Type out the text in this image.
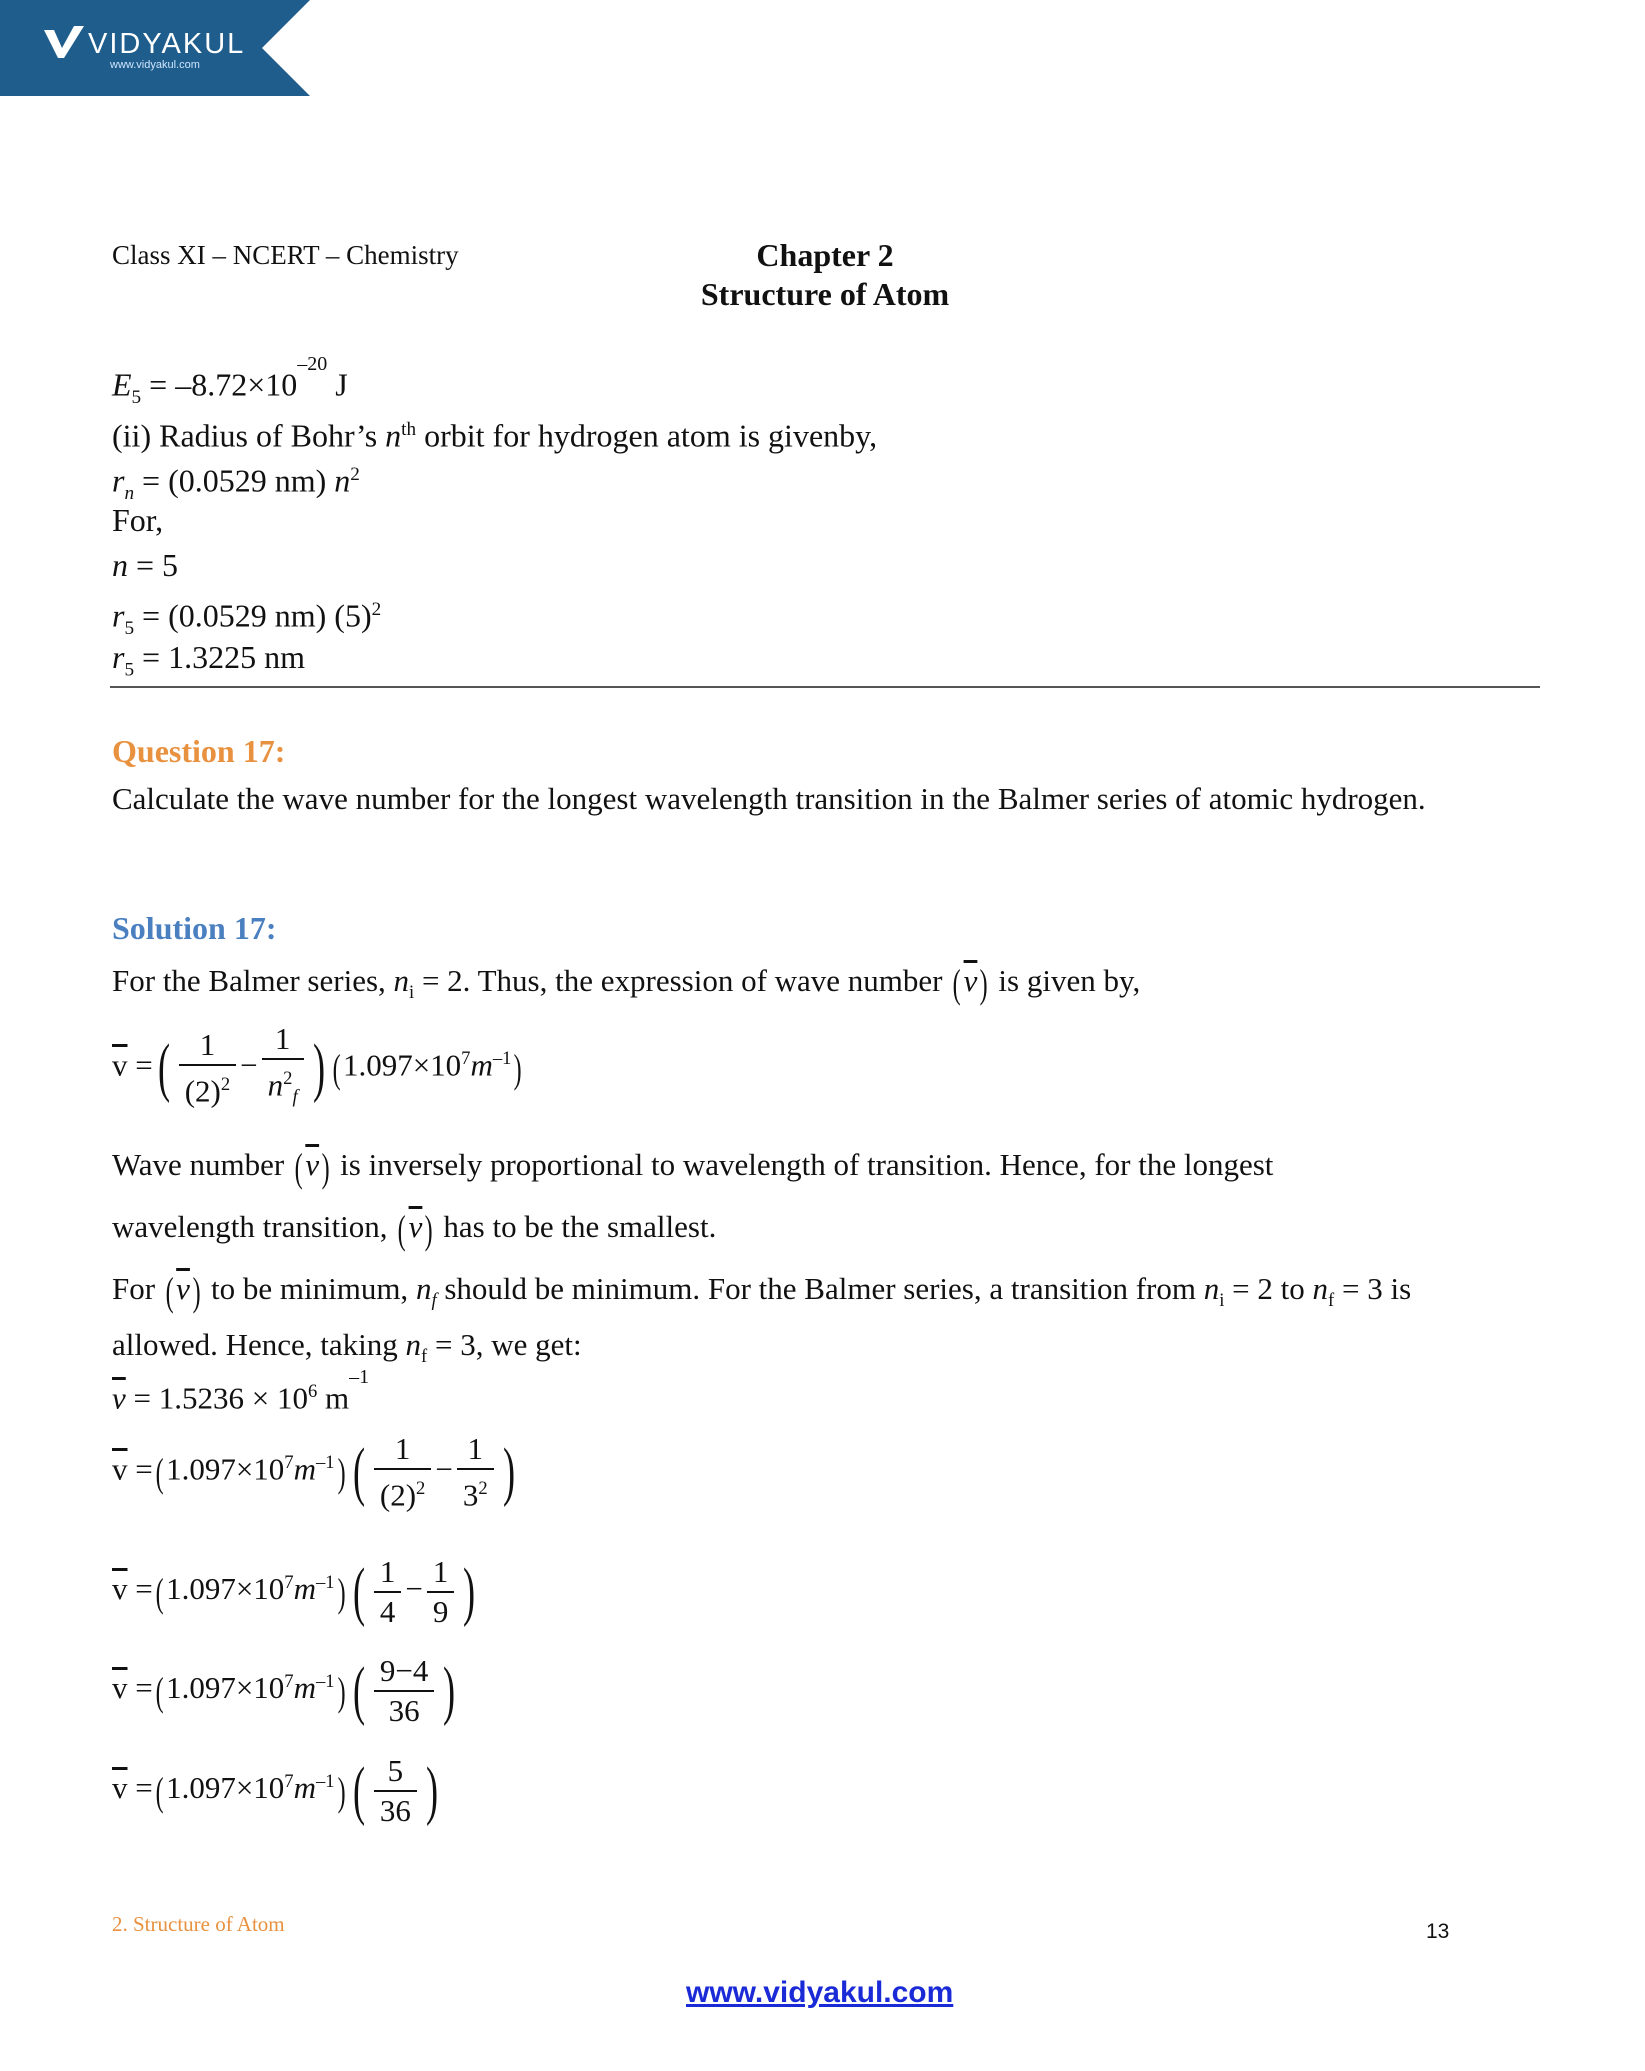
VIDYAKUL
www.vidyakul.com
Class XI – NCERT – Chemistry	Chapter 2
Structure of Atom
$E_5 = -8.72\times 10^{-20}$ J
(ii) Radius of Bohr’s $n^{th}$ orbit for hydrogen atom is givenby,
$r_n = (0.0529$ nm) $n^2$
For,
n = 5
$r_5 = (0.0529$ nm) $(5)^2$
$r_5 = 1.3225$ nm
Question 17:
Calculate the wave number for the longest wavelength transition in the Balmer series of atomic hydrogen.
Solution 17:
For the Balmer series, $n_i = 2$. Thus, the expression of wave number $(\overline{v})$ is given by,
$\overline{v}$ =( $\frac{1}{(2)^2} - \frac{1}{n^2_f}$ ) $(1.097\times 10^7m^{-1})$
Wave number $(\overline{v})$ is inversely proportional to wavelength of transition. Hence, for the longest
wavelength transition, $(\overline{v})$ has to be the smallest.
For $(\overline{v})$ to be minimum, $n_f$ should be minimum. For the Balmer series, a transition from $n_i = 2$ to $n_f = 3$ is
allowed. Hence, taking $n_f = 3$, we get:
$\overline{v} = 1.5236 \times 10^6$ $m^{-1}$
$\overline{v} =(1.097\times 10^7m^{-1})$ ( $\frac{1}{(2)^2} - \frac{1}{3^2}$ )
$\overline{v} =(1.097\times 10^7m^{-1})$ ( $\frac{1}{4} - \frac{1}{9}$ )
$\overline{v} =(1.097\times 10^7m^{-1})$ ( $\frac{9-4}{36}$ )
$\overline{v} =(1.097\times 10^7m^{-1})$ ( $\frac{5}{36}$ )
2. Structure of Atom	13
www.vidyakul.com
